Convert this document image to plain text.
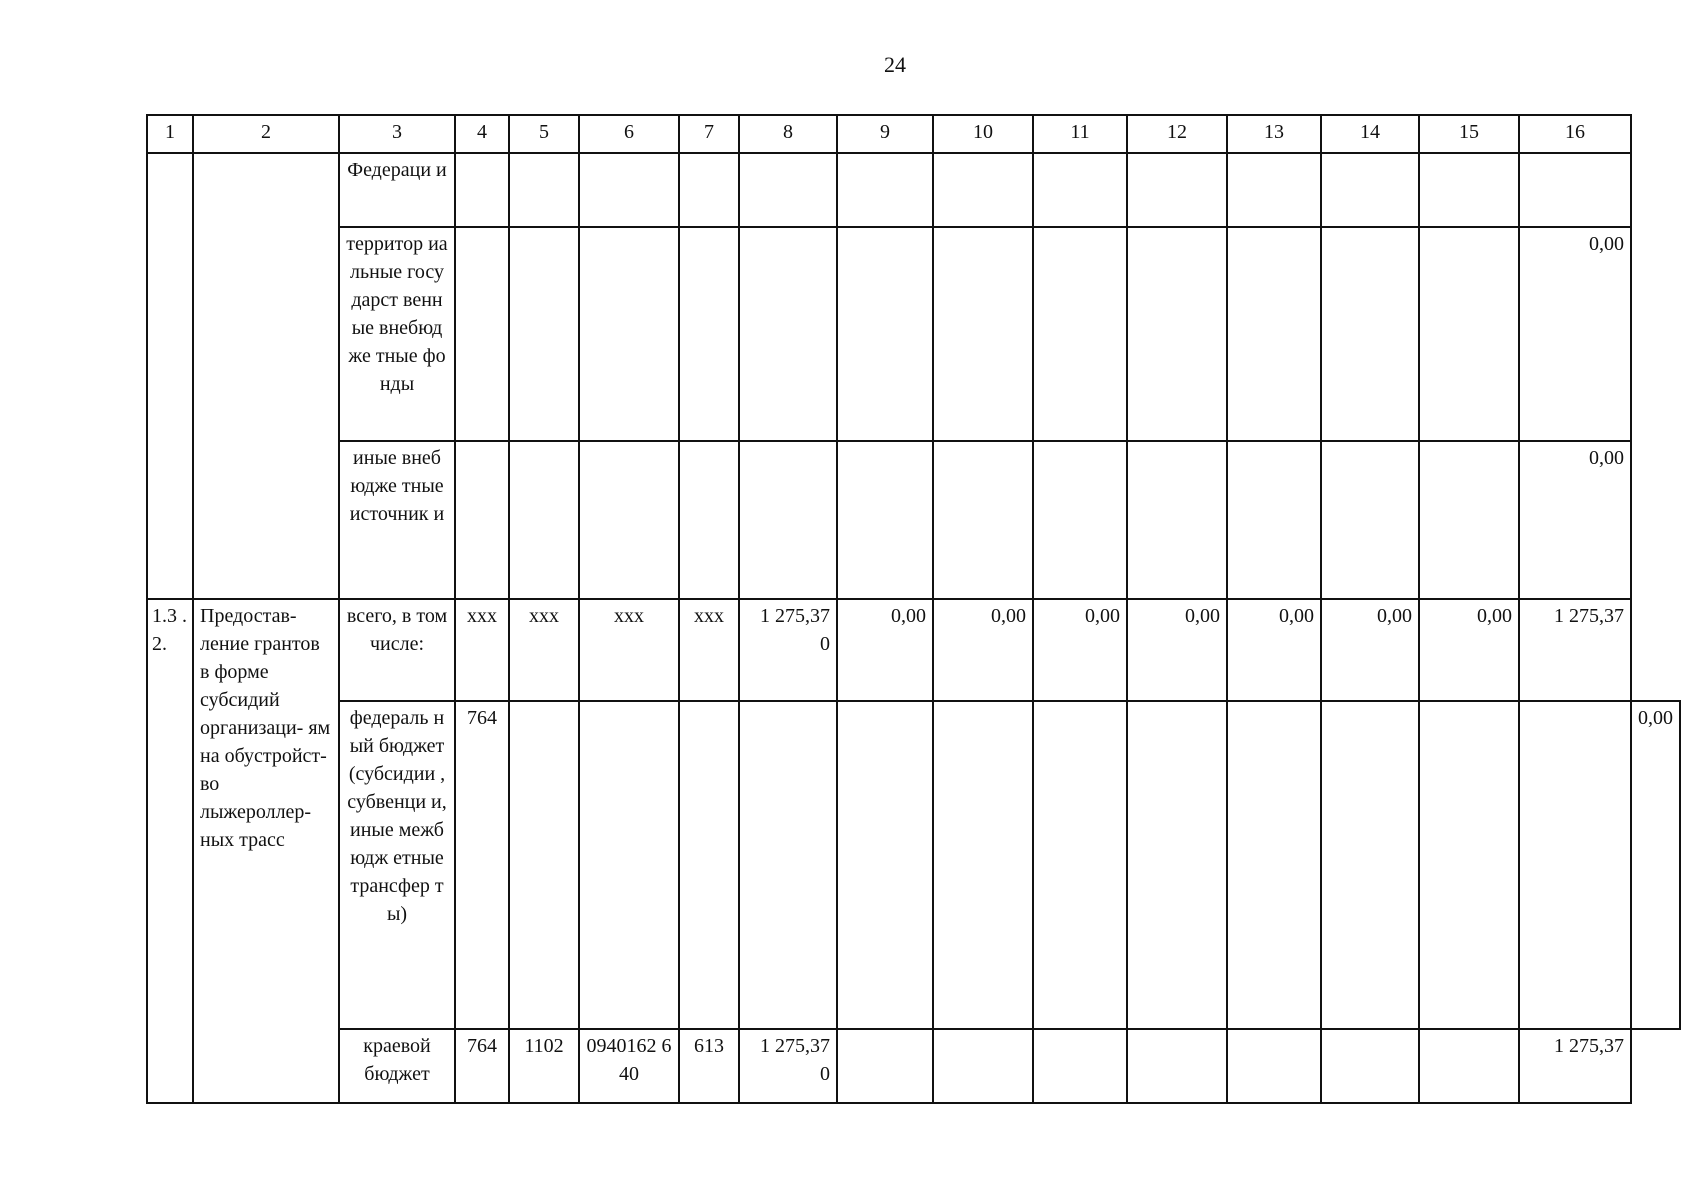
24
1	2	3	4	5	6	7	8	9	10	11	12	13	14	15	16	
		Федераци и														
		территор иальные государст венные внебюдже тные фонды													0,00	
		иные внебюдже тные источник и													0,00	
1.3 .2.	Предостав- ление грантов в форме субсидий организаци- ям на обустройст- во лыжероллер- ных трасс	всего, в том числе:	xxx	xxx	xxx	xxx	1 275,37 0	0,00	0,00	0,00	0,00	0,00	0,00	0,00	1 275,37	
		федераль ный бюджет (субсидии , субвенци и, иные межбюдж етные трансфер ты)	764													0,00
		краевой бюджет	764	1102	0940162 640	613	1 275,37 0								1 275,37	
